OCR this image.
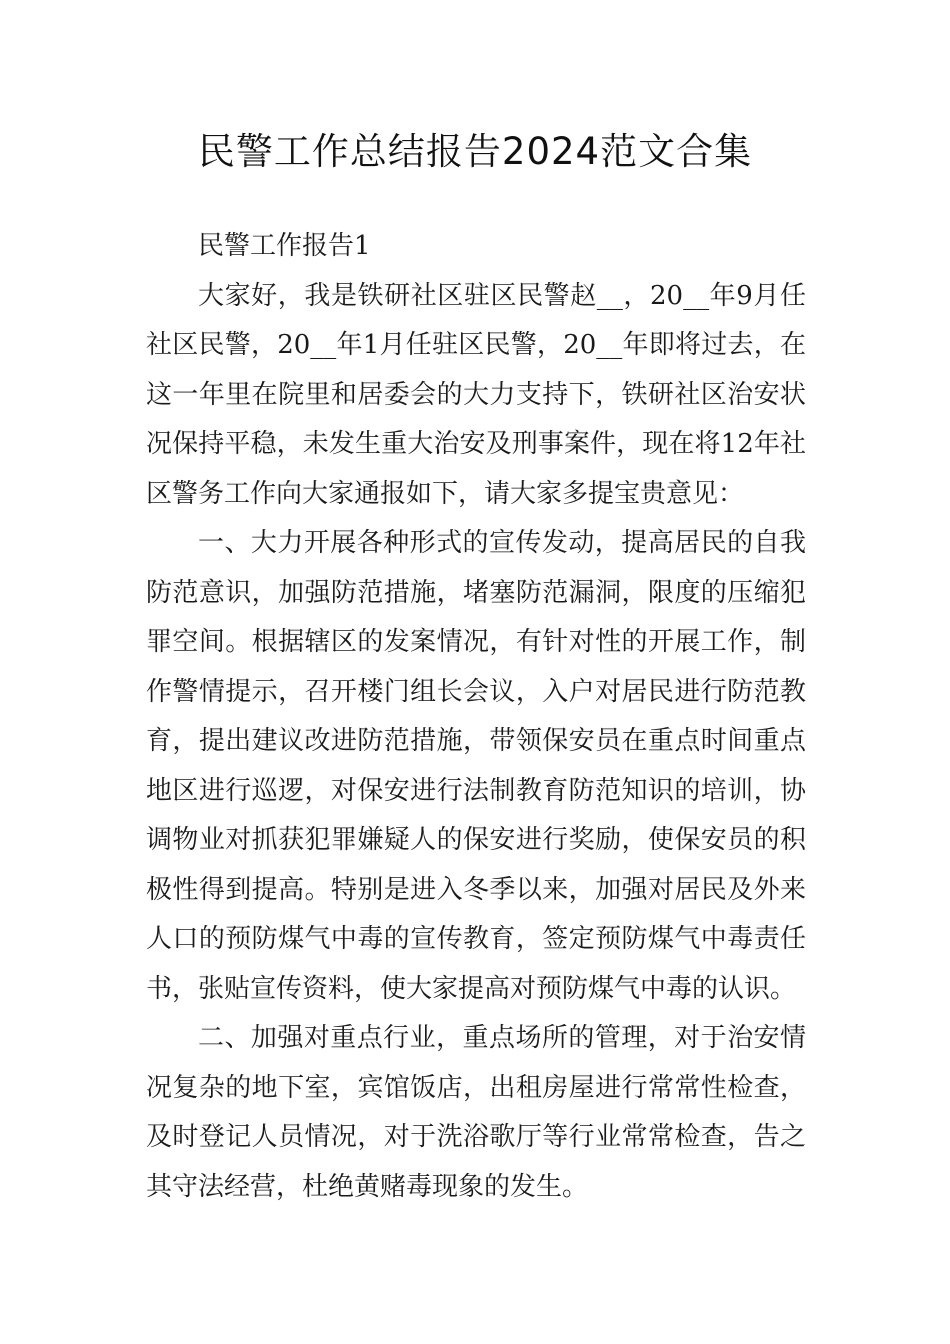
民警工作总结报告2024范文合集

民警工作报告1

大家好，我是铁研社区驻区民警赵__，20__年9月任社区民警，20__年1月任驻区民警，20__年即将过去，在这一年里在院里和居委会的大力支持下，铁研社区治安状况保持平稳，未发生重大治安及刑事案件，现在将12年社区警务工作向大家通报如下，请大家多提宝贵意见：

一、大力开展各种形式的宣传发动，提高居民的自我防范意识，加强防范措施，堵塞防范漏洞，限度的压缩犯罪空间。根据辖区的发案情况，有针对性的开展工作，制作警情提示，召开楼门组长会议，入户对居民进行防范教育，提出建议改进防范措施，带领保安员在重点时间重点地区进行巡逻，对保安进行法制教育防范知识的培训，协调物业对抓获犯罪嫌疑人的保安进行奖励，使保安员的积极性得到提高。特别是进入冬季以来，加强对居民及外来人口的预防煤气中毒的宣传教育，签定预防煤气中毒责任书，张贴宣传资料，使大家提高对预防煤气中毒的认识。

二、加强对重点行业，重点场所的管理，对于治安情况复杂的地下室，宾馆饭店，出租房屋进行常常性检查，及时登记人员情况，对于洗浴歌厅等行业常常检查，告之其守法经营，杜绝黄赌毒现象的发生。
